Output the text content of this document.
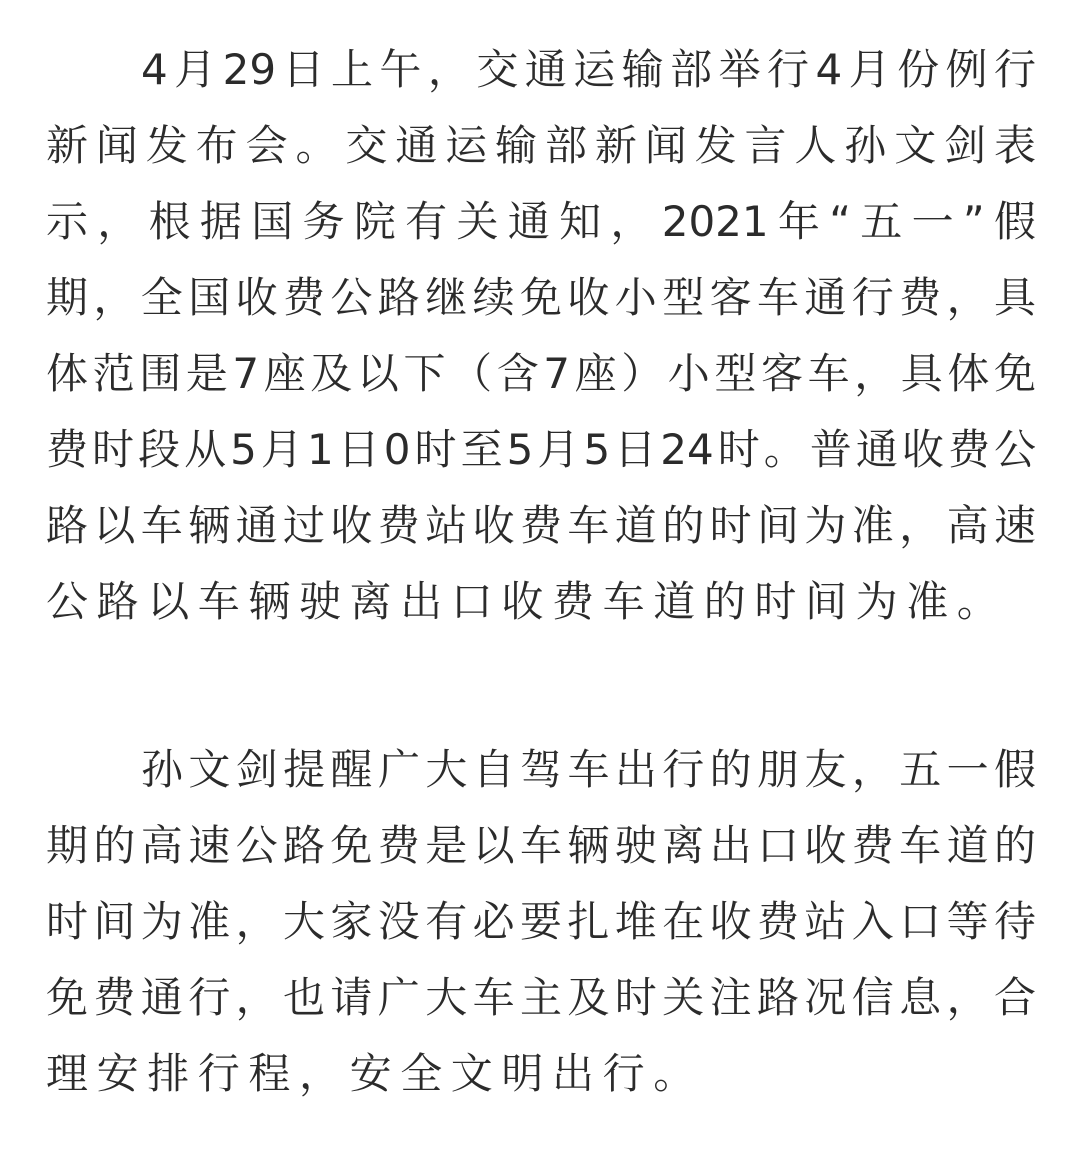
4月29日上午，交通运输部举行4月份例行
新闻发布会。交通运输部新闻发言人孙文剑表
示，根据国务院有关通知，2021年“五一”假
期，全国收费公路继续免收小型客车通行费，具
体范围是7座及以下（含7座）小型客车，具体免
费时段从5月1日0时至5月5日24时。普通收费公
路以车辆通过收费站收费车道的时间为准，高速
公路以车辆驶离出口收费车道的时间为准。
孙文剑提醒广大自驾车出行的朋友，五一假
期的高速公路免费是以车辆驶离出口收费车道的
时间为准，大家没有必要扎堆在收费站入口等待
免费通行，也请广大车主及时关注路况信息，合
理安排行程，安全文明出行。
